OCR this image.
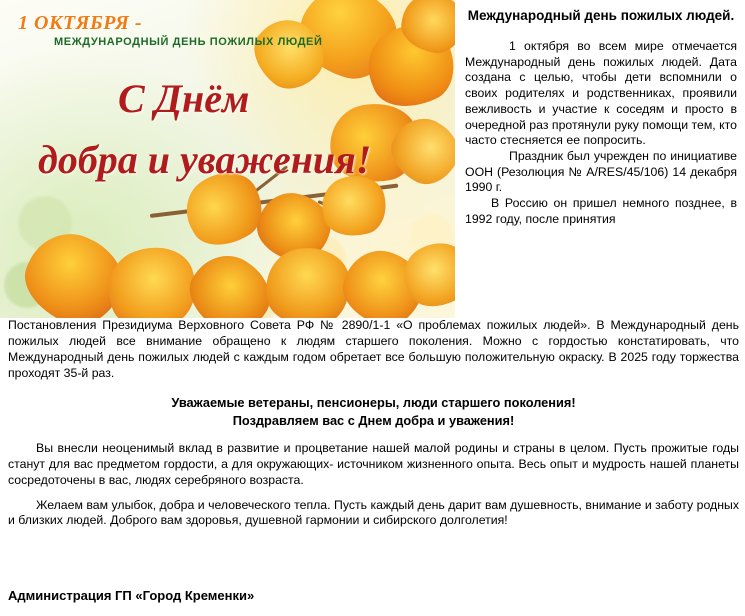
1 ОКТЯБРЯ -
МЕЖДУНАРОДНЫЙ ДЕНЬ ПОЖИЛЫХ ЛЮДЕЙ
С Днём
добра и уважения!

Международный день пожилых людей.

1 октября во всем мире отмечается Международный день пожилых людей. Дата создана с целью, чтобы дети вспомнили о своих родителях и родственниках, проявили вежливость и участие к соседям и просто в очередной раз протянули руку помощи тем, кто часто стесняется ее попросить.

Праздник был учрежден по инициативе ООН (Резолюция № A/RES/45/106) 14 декабря 1990 г.

В Россию он пришел немного позднее, в 1992 году, после принятия

Постановления Президиума Верховного Совета РФ № 2890/1-1 «О проблемах пожилых людей». В Международный день пожилых людей все внимание обращено к людям старшего поколения. Можно с гордостью констатировать, что Международный день пожилых людей с каждым годом обретает все большую положительную окраску. В 2025 году торжества проходят 35-й раз.

Уважаемые ветераны, пенсионеры, люди старшего поколения!

Поздравляем вас с Днем добра и уважения!

Вы внесли неоценимый вклад в развитие и процветание нашей малой родины и страны в целом. Пусть прожитые годы станут для вас предметом гордости, а для окружающих- источником жизненного опыта. Весь опыт и мудрость нашей планеты сосредоточены в вас, людях серебряного возраста.

Желаем вам улыбок, добра и человеческого тепла. Пусть каждый день дарит вам душевность, внимание и заботу родных и близких людей. Доброго вам здоровья, душевной гармонии и сибирского долголетия!

Администрация ГП «Город Кременки»
